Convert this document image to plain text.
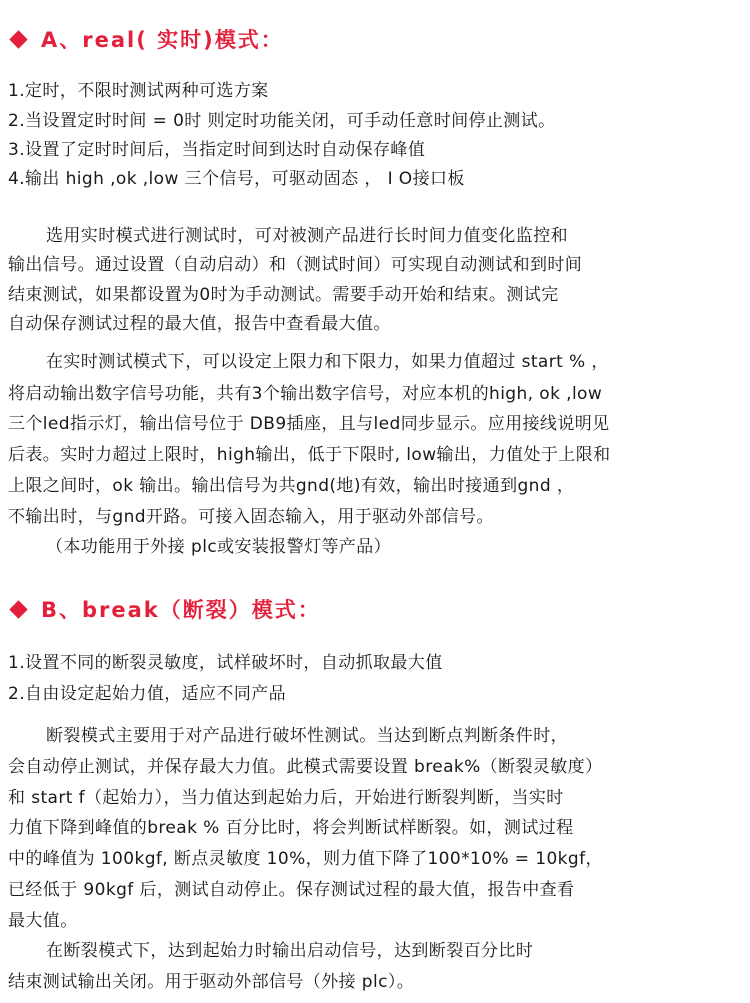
A、real( 实时)模式：
1.定时，不限时测试两种可选方案
2.当设置定时时间 = 0时 则定时功能关闭，可手动任意时间停止测试。
3.设置了定时时间后，当指定时间到达时自动保存峰值
4.输出 high ,ok ,low 三个信号，可驱动固态 ， I O接口板
选用实时模式进行测试时，可对被测产品进行长时间力值变化监控和
输出信号。通过设置（自动启动）和（测试时间）可实现自动测试和到时间
结束测试，如果都设置为0时为手动测试。需要手动开始和结束。测试完
自动保存测试过程的最大值，报告中查看最大值。
在实时测试模式下，可以设定上限力和下限力，如果力值超过 start % ，
将启动输出数字信号功能，共有3个输出数字信号，对应本机的high, ok ,low
三个led指示灯，输出信号位于 DB9插座，且与led同步显示。应用接线说明见
后表。实时力超过上限时，high输出，低于下限时, low输出，力值处于上限和
上限之间时，ok 输出。输出信号为共gnd(地)有效，输出时接通到gnd ，
不输出时，与gnd开路。可接入固态输入，用于驱动外部信号。
（本功能用于外接 plc或安装报警灯等产品）
B、break（断裂）模式：
1.设置不同的断裂灵敏度，试样破坏时，自动抓取最大值
2.自由设定起始力值，适应不同产品
断裂模式主要用于对产品进行破坏性测试。当达到断点判断条件时，
会自动停止测试，并保存最大力值。此模式需要设置 break%（断裂灵敏度）
和 start f（起始力），当力值达到起始力后，开始进行断裂判断，当实时
力值下降到峰值的break % 百分比时，将会判断试样断裂。如，测试过程
中的峰值为 100kgf, 断点灵敏度 10%，则力值下降了100*10% = 10kgf，
已经低于 90kgf 后，测试自动停止。保存测试过程的最大值，报告中查看
最大值。
在断裂模式下，达到起始力时输出启动信号，达到断裂百分比时
结束测试输出关闭。用于驱动外部信号（外接 plc）。
